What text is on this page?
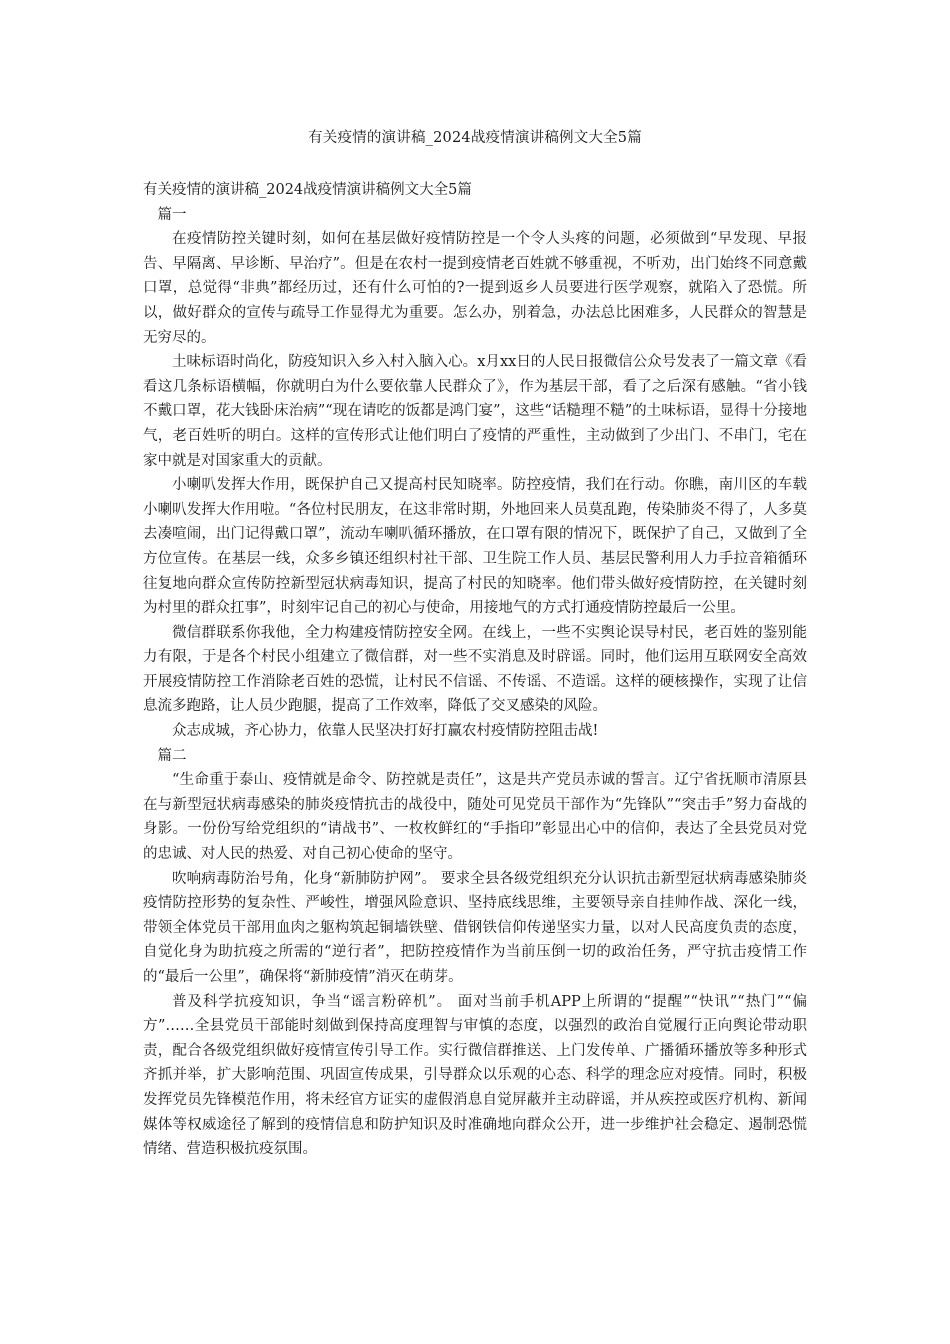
有关疫情的演讲稿_2024战疫情演讲稿例文大全5篇

有关疫情的演讲稿_2024战疫情演讲稿例文大全5篇

篇一

在疫情防控关键时刻，如何在基层做好疫情防控是一个令人头疼的问题，必须做到“早发现、早报告、早隔离、早诊断、早治疗”。但是在农村一提到疫情老百姓就不够重视，不听劝，出门始终不同意戴口罩，总觉得“非典”都经历过，还有什么可怕的?一提到返乡人员要进行医学观察，就陷入了恐慌。所以，做好群众的宣传与疏导工作显得尤为重要。怎么办，别着急，办法总比困难多，人民群众的智慧是无穷尽的。

土味标语时尚化，防疫知识入乡入村入脑入心。x月xx日的人民日报微信公众号发表了一篇文章《看看这几条标语横幅，你就明白为什么要依靠人民群众了》，作为基层干部，看了之后深有感触。“省小钱不戴口罩，花大钱卧床治病”“现在请吃的饭都是鸿门宴”，这些“话糙理不糙”的土味标语，显得十分接地气，老百姓听的明白。这样的宣传形式让他们明白了疫情的严重性，主动做到了少出门、不串门，宅在家中就是对国家重大的贡献。

小喇叭发挥大作用，既保护自己又提高村民知晓率。防控疫情，我们在行动。你瞧，南川区的车载小喇叭发挥大作用啦。“各位村民朋友，在这非常时期，外地回来人员莫乱跑，传染肺炎不得了，人多莫去凑喧闹，出门记得戴口罩”，流动车喇叭循环播放，在口罩有限的情况下，既保护了自己，又做到了全方位宣传。在基层一线，众多乡镇还组织村社干部、卫生院工作人员、基层民警利用人力手拉音箱循环往复地向群众宣传防控新型冠状病毒知识，提高了村民的知晓率。他们带头做好疫情防控，在关键时刻为村里的群众扛事”，时刻牢记自己的初心与使命，用接地气的方式打通疫情防控最后一公里。

微信群联系你我他，全力构建疫情防控安全网。在线上，一些不实舆论误导村民，老百姓的鉴别能力有限，于是各个村民小组建立了微信群，对一些不实消息及时辟谣。同时，他们运用互联网安全高效开展疫情防控工作消除老百姓的恐慌，让村民不信谣、不传谣、不造谣。这样的硬核操作，实现了让信息流多跑路，让人员少跑腿，提高了工作效率，降低了交叉感染的风险。

众志成城，齐心协力，依靠人民坚决打好打赢农村疫情防控阻击战!

篇二

“生命重于泰山、疫情就是命令、防控就是责任”，这是共产党员赤诚的誓言。辽宁省抚顺市清原县在与新型冠状病毒感染的肺炎疫情抗击的战役中，随处可见党员干部作为“先锋队”“突击手”努力奋战的身影。一份份写给党组织的“请战书”、一枚枚鲜红的“手指印”彰显出心中的信仰，表达了全县党员对党的忠诚、对人民的热爱、对自己初心使命的坚守。

吹响病毒防治号角，化身“新肺防护网”。 要求全县各级党组织充分认识抗击新型冠状病毒感染肺炎疫情防控形势的复杂性、严峻性，增强风险意识、坚持底线思维，主要领导亲自挂帅作战、深化一线，带领全体党员干部用血肉之躯构筑起铜墙铁壁、借钢铁信仰传递坚实力量，以对人民高度负责的态度，自觉化身为助抗疫之所需的“逆行者”，把防控疫情作为当前压倒一切的政治任务，严守抗击疫情工作的“最后一公里”，确保将“新肺疫情”消灭在萌芽。

普及科学抗疫知识，争当“谣言粉碎机”。 面对当前手机APP上所谓的“提醒”“快讯”“热门”“偏方”……全县党员干部能时刻做到保持高度理智与审慎的态度，以强烈的政治自觉履行正向舆论带动职责，配合各级党组织做好疫情宣传引导工作。实行微信群推送、上门发传单、广播循环播放等多种形式齐抓并举，扩大影响范围、巩固宣传成果，引导群众以乐观的心态、科学的理念应对疫情。同时，积极发挥党员先锋模范作用，将未经官方证实的虚假消息自觉屏蔽并主动辟谣，并从疾控或医疗机构、新闻媒体等权威途径了解到的疫情信息和防护知识及时准确地向群众公开，进一步维护社会稳定、遏制恐慌情绪、营造积极抗疫氛围。
